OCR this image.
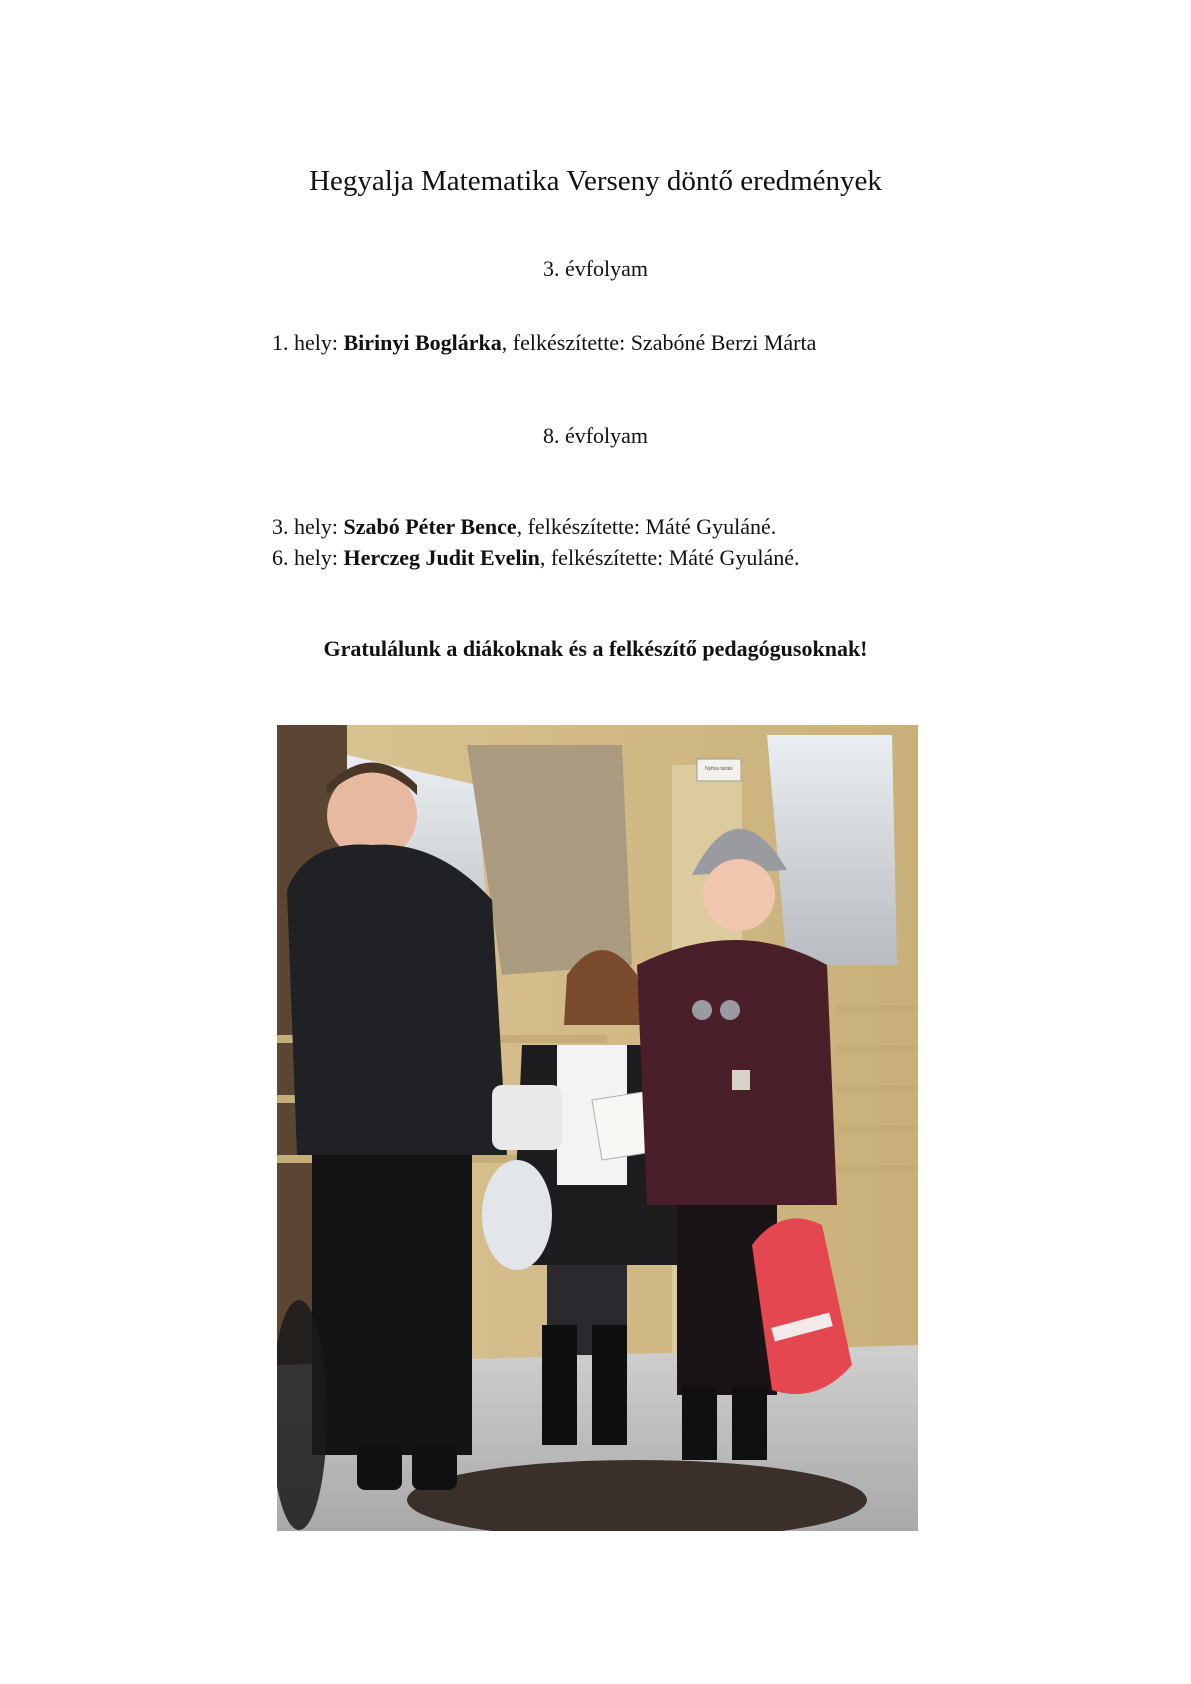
Hegyalja Matematika Verseny döntő eredmények
3. évfolyam
1. hely: Birinyi Boglárka, felkészítette: Szabóné Berzi Márta
8. évfolyam
3. hely: Szabó Péter Bence, felkészítette: Máté Gyuláné.
6. hely: Herczeg Judit Evelin, felkészítette: Máté Gyuláné.
Gratulálunk a diákoknak és a felkészítő pedagógusoknak!
Nyitva tartás
